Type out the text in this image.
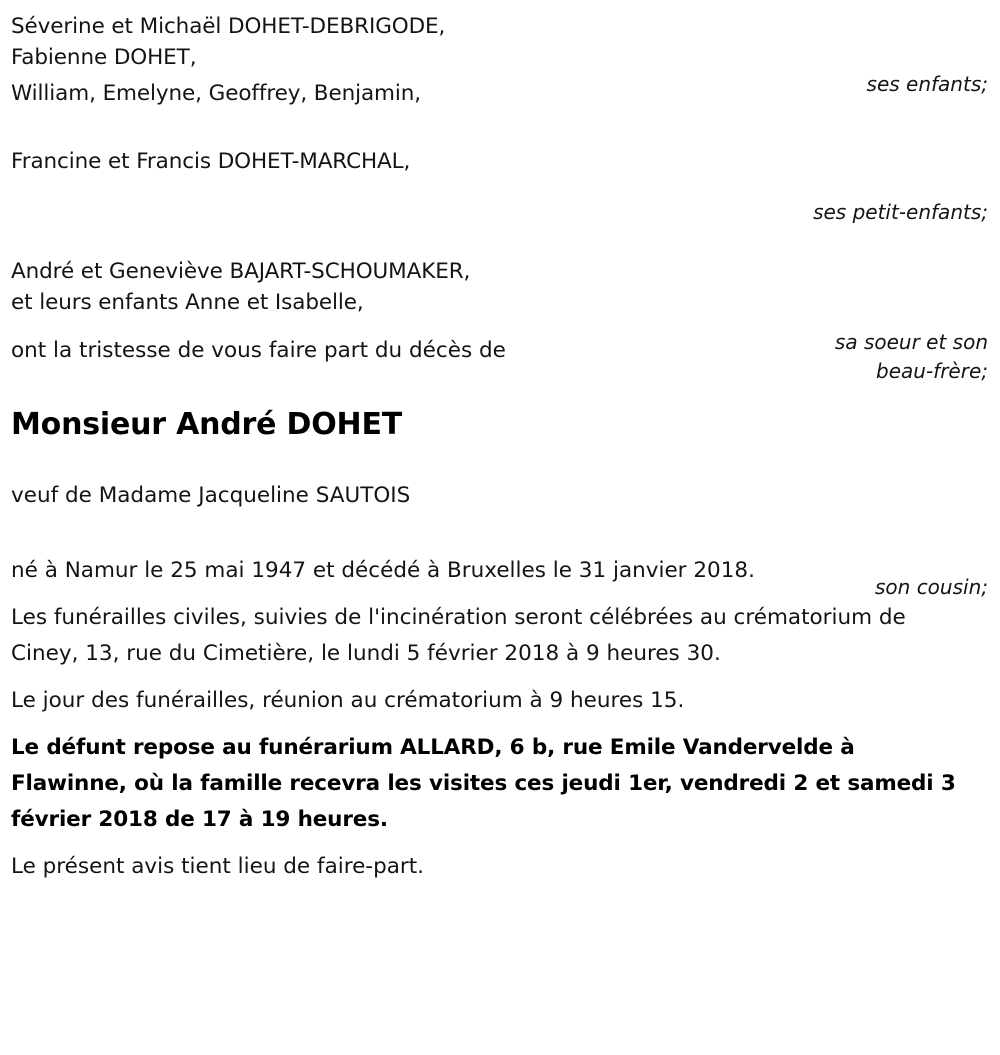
Séverine et Michaël DOHET-DEBRIGODE,
Fabienne DOHET,
ses enfants;
William, Emelyne, Geoffrey, Benjamin,
ses petit-enfants;
Francine et Francis DOHET-MARCHAL,
sa soeur et son
beau-frère;
André et Geneviève BAJART-SCHOUMAKER,
et leurs enfants Anne et Isabelle,
son cousin;
ont la tristesse de vous faire part du décès de
Monsieur André DOHET
veuf de Madame Jacqueline SAUTOIS

né à Namur le 25 mai 1947 et décédé à Bruxelles le 31 janvier 2018.

Les funérailles civiles, suivies de l'incinération seront célébrées au crématorium de Ciney, 13, rue du Cimetière, le lundi 5 février 2018 à 9 heures 30.

Le jour des funérailles, réunion au crématorium à 9 heures 15.

Le défunt repose au funérarium ALLARD, 6 b, rue Emile Vandervelde à Flawinne, où la famille recevra les visites ces jeudi 1er, vendredi 2 et samedi 3 février 2018 de 17 à 19 heures.

Le présent avis tient lieu de faire-part.
